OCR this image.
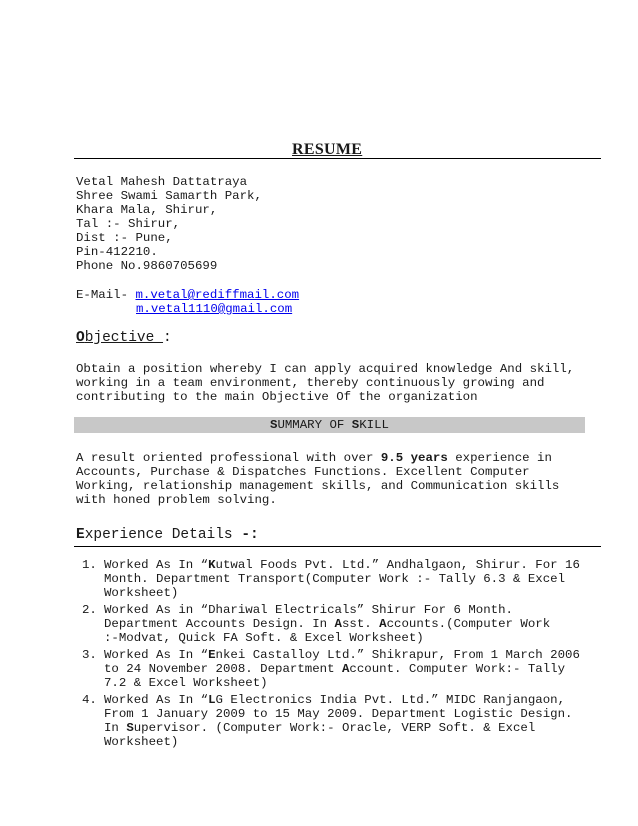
RESUME
Vetal Mahesh Dattatraya
Shree Swami Samarth Park,
Khara Mala, Shirur,
Tal :- Shirur,
Dist :- Pune,
Pin-412210.
Phone No.9860705699
E-Mail- m.vetal@rediffmail.com
m.vetal1110@gmail.com
Objective :
Obtain a position whereby I can apply acquired knowledge And skill,
working in a team environment, thereby continuously growing and
contributing to the main Objective Of the organization
SUMMARY OF SKILL
A result oriented professional with over 9.5 years experience in
Accounts, Purchase & Dispatches Functions. Excellent Computer
Working, relationship management skills, and Communication skills
with honed problem solving.
Experience Details -:
1. Worked As In “Kutwal Foods Pvt. Ltd.” Andhalgaon, Shirur. For 16
Month. Department Transport(Computer Work :- Tally 6.3 & Excel
Worksheet)
2. Worked As in “Dhariwal Electricals” Shirur For 6 Month.
Department Accounts Design. In Asst. Accounts.(Computer Work
:-Modvat, Quick FA Soft. & Excel Worksheet)
3. Worked As In “Enkei Castalloy Ltd.” Shikrapur, From 1 March 2006
to 24 November 2008. Department Account. Computer Work:- Tally
7.2 & Excel Worksheet)
4. Worked As In “LG Electronics India Pvt. Ltd.” MIDC Ranjangaon,
From 1 January 2009 to 15 May 2009. Department Logistic Design.
In Supervisor. (Computer Work:- Oracle, VERP Soft. & Excel
Worksheet)
